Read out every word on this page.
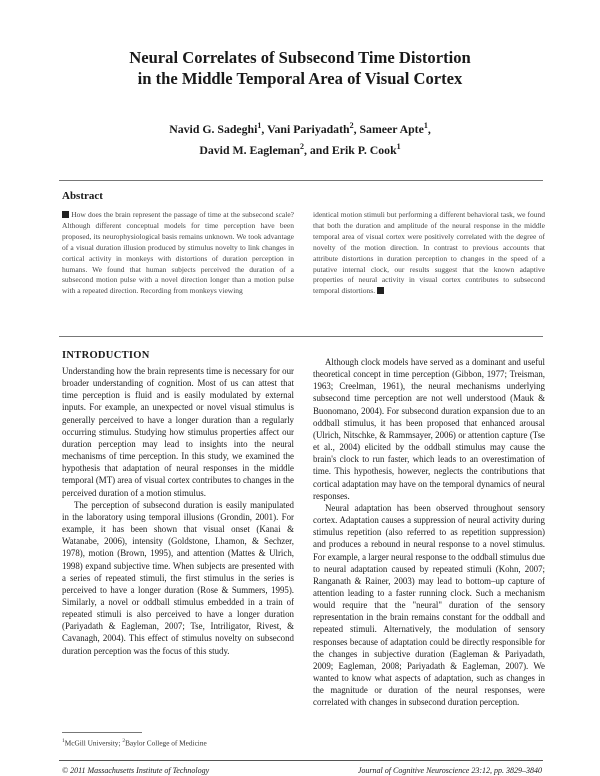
Neural Correlates of Subsecond Time Distortion
in the Middle Temporal Area of Visual Cortex
Navid G. Sadeghi$^1$, Vani Pariyadath$^2$, Sameer Apte$^1$,
David M. Eagleman$^2$, and Erik P. Cook$^1$
Abstract
How does the brain represent the passage of time at the subsecond scale? Although different conceptual models for time perception have been proposed, its neurophysiological basis remains unknown. We took advantage of a visual duration illusion produced by stimulus novelty to link changes in cortical activity in monkeys with distortions of duration perception in humans. We found that human subjects perceived the duration of a subsecond motion pulse with a novel direction longer than a motion pulse with a repeated direction. Recording from monkeys viewing
identical motion stimuli but performing a different behavioral task, we found that both the duration and amplitude of the neural response in the middle temporal area of visual cortex were positively correlated with the degree of novelty of the motion direction. In contrast to previous accounts that attribute distortions in duration perception to changes in the speed of a putative internal clock, our results suggest that the known adaptive properties of neural activity in visual cortex contributes to subsecond temporal distortions.
INTRODUCTION

Understanding how the brain represents time is necessary for our broader understanding of cognition. Most of us can attest that time perception is fluid and is easily modulated by external inputs. For example, an unexpected or novel visual stimulus is generally perceived to have a longer duration than a regularly occurring stimulus. Studying how stimulus properties affect our duration perception may lead to insights into the neural mechanisms of time perception. In this study, we examined the hypothesis that adaptation of neural responses in the middle temporal (MT) area of visual cortex contributes to changes in the perceived duration of a motion stimulus.

The perception of subsecond duration is easily manipulated in the laboratory using temporal illusions (Grondin, 2001). For example, it has been shown that visual onset (Kanai & Watanabe, 2006), intensity (Goldstone, Lhamon, & Sechzer, 1978), motion (Brown, 1995), and attention (Mattes & Ulrich, 1998) expand subjective time. When subjects are presented with a series of repeated stimuli, the first stimulus in the series is perceived to have a longer duration (Rose & Summers, 1995). Similarly, a novel or oddball stimulus embedded in a train of repeated stimuli is also perceived to have a longer duration (Pariyadath & Eagleman, 2007; Tse, Intriligator, Rivest, & Cavanagh, 2004). This effect of stimulus novelty on subsecond duration perception was the focus of this study.

Although clock models have served as a dominant and useful theoretical concept in time perception (Gibbon, 1977; Treisman, 1963; Creelman, 1961), the neural mechanisms underlying subsecond time perception are not well understood (Mauk & Buonomano, 2004). For subsecond duration expansion due to an oddball stimulus, it has been proposed that enhanced arousal (Ulrich, Nitschke, & Rammsayer, 2006) or attention capture (Tse et al., 2004) elicited by the oddball stimulus may cause the brain's clock to run faster, which leads to an overestimation of time. This hypothesis, however, neglects the contributions that cortical adaptation may have on the temporal dynamics of neural responses.

Neural adaptation has been observed throughout sensory cortex. Adaptation causes a suppression of neural activity during stimulus repetition (also referred to as repetition suppression) and produces a rebound in neural response to a novel stimulus. For example, a larger neural response to the oddball stimulus due to neural adaptation caused by repeated stimuli (Kohn, 2007; Ranganath & Rainer, 2003) may lead to bottom–up capture of attention leading to a faster running clock. Such a mechanism would require that the "neural" duration of the sensory representation in the brain remains constant for the oddball and repeated stimuli. Alternatively, the modulation of sensory responses because of adaptation could be directly responsible for the changes in subjective duration (Eagleman & Pariyadath, 2009; Eagleman, 2008; Pariyadath & Eagleman, 2007). We wanted to know what aspects of adaptation, such as changes in the magnitude or duration of the neural responses, were correlated with changes in subsecond duration perception.

$^1$McGill University; $^2$Baylor College of Medicine
© 2011 Massachusetts Institute of Technology	Journal of Cognitive Neuroscience 23:12, pp. 3829–3840
